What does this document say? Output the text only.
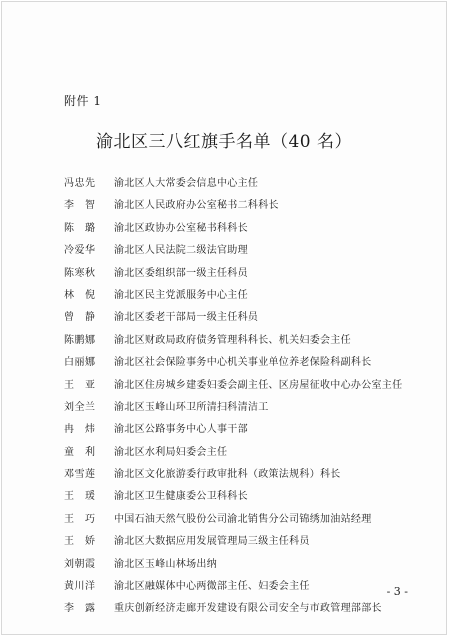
附件 1
渝北区三八红旗手名单（40 名）
冯忠先	渝北区人大常委会信息中心主任
李　智	渝北区人民政府办公室秘书二科科长
陈　璐	渝北区政协办公室秘书科科长
冷爱华	渝北区人民法院二级法官助理
陈寒秋	渝北区委组织部一级主任科员
林　倪	渝北区民主党派服务中心主任
曾　静	渝北区委老干部局一级主任科员
陈鹏娜	渝北区财政局政府债务管理科科长、机关妇委会主任
白丽娜	渝北区社会保险事务中心机关事业单位养老保险科副科长
王　亚	渝北区住房城乡建委妇委会副主任、区房屋征收中心办公室主任
刘全兰	渝北区玉峰山环卫所清扫科清洁工
冉　炜	渝北区公路事务中心人事干部
童　利	渝北区水利局妇委会主任
邓雪莲	渝北区文化旅游委行政审批科（政策法规科）科长
王　瑗	渝北区卫生健康委公卫科科长
王　巧	中国石油天然气股份公司渝北销售分公司锦绣加油站经理
王　娇	渝北区大数据应用发展管理局三级主任科员
刘朝霞	渝北区玉峰山林场出纳
黄川洋	渝北区融媒体中心两微部主任、妇委会主任
李　露	重庆创新经济走廊开发建设有限公司安全与市政管理部部长
- 3 -
